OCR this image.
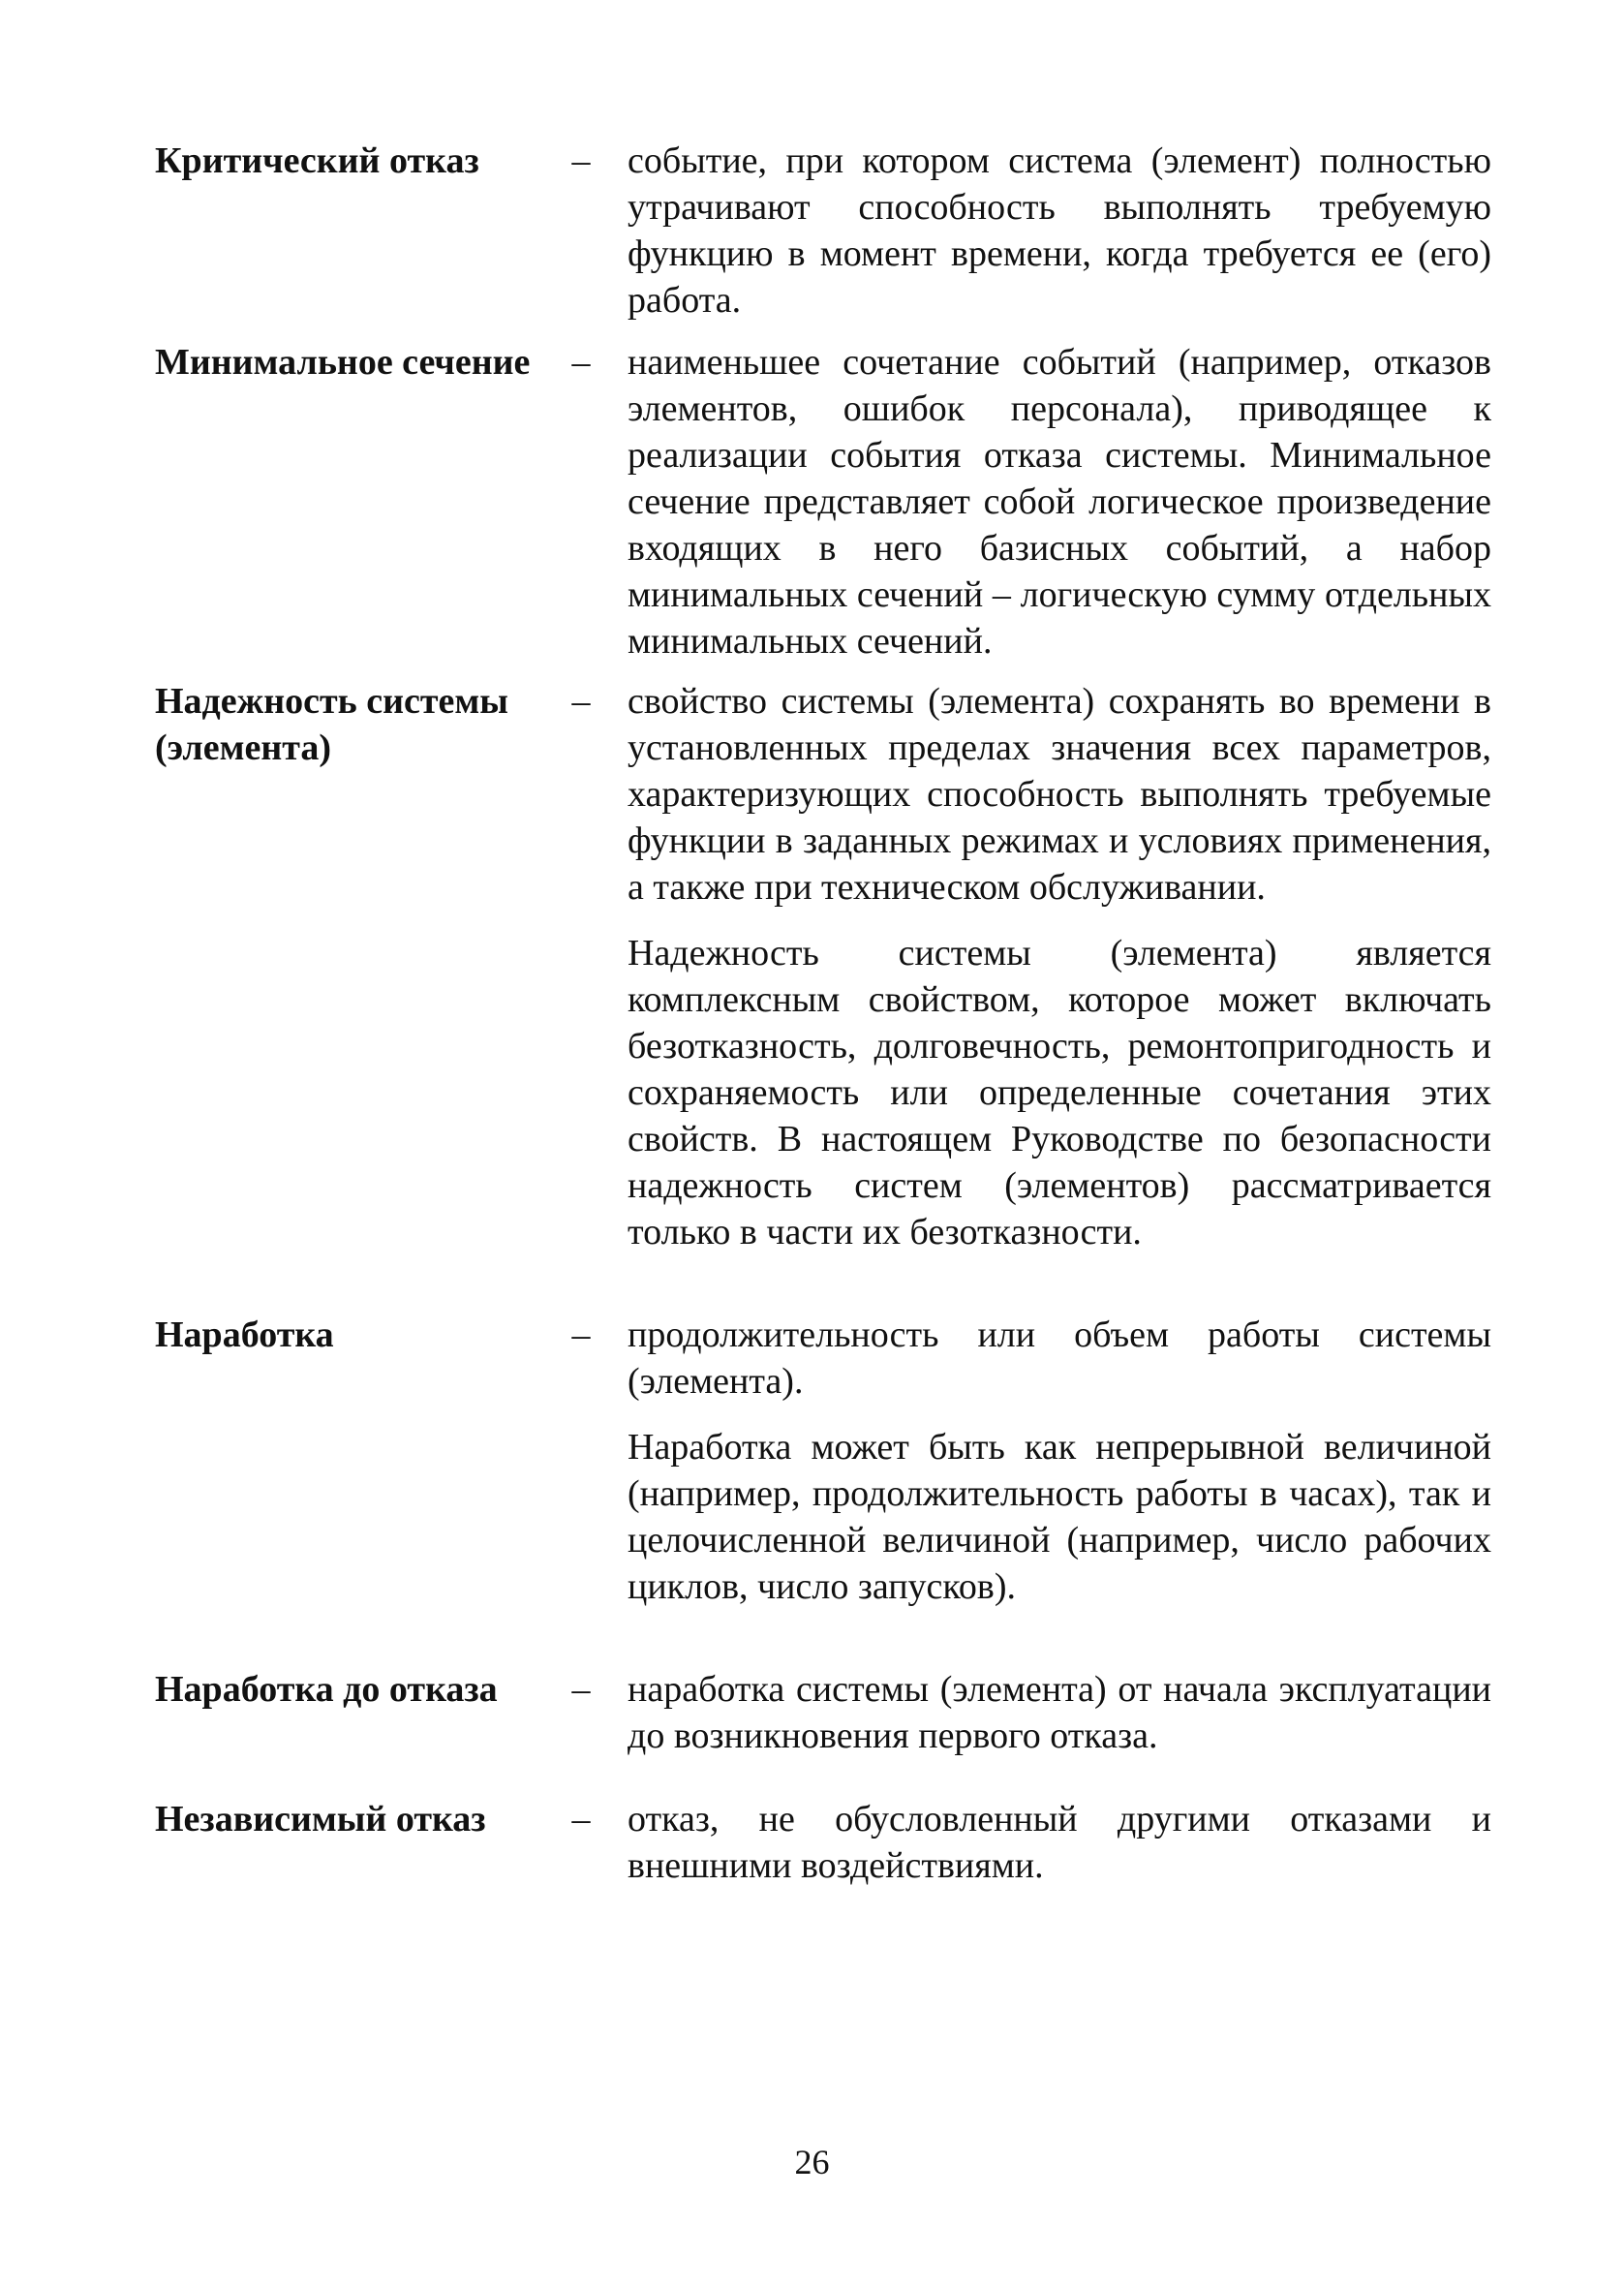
Критический отказ	– событие, при котором система (элемент) полностью утрачивают способность выполнять требуемую функцию в момент времени, когда требуется ее (его) работа.

Минимальное сечение	– наименьшее сочетание событий (например, отказов элементов, ошибок персонала), приводящее к реализации события отказа системы. Минимальное сечение представляет собой логическое произведение входящих в него базисных событий, а набор минимальных сечений – логическую сумму отдельных минимальных сечений.

Надежность системы (элемента)
– свойство системы (элемента) сохранять во времени в установленных пределах значения всех параметров, характеризующих способность выполнять требуемые функции в заданных режимах и условиях применения, а также при техническом обслуживании.

Надежность системы (элемента) является комплексным свойством, которое может включать безотказность, долговечность, ремонтопригодность и сохраняемость или определенные сочетания этих свойств. В настоящем Руководстве по безопасности надежность систем (элементов) рассматривается только в части их безотказности.

Наработка	– продолжительность или объем работы системы (элемента).

Наработка может быть как непрерывной величиной (например, продолжительность работы в часах), так и целочисленной величиной (например, число рабочих циклов, число запусков).

Наработка до отказа	– наработка системы (элемента) от начала эксплуатации до возникновения первого отказа.

Независимый отказ	– отказ, не обусловленный другими отказами и внешними воздействиями.

26
